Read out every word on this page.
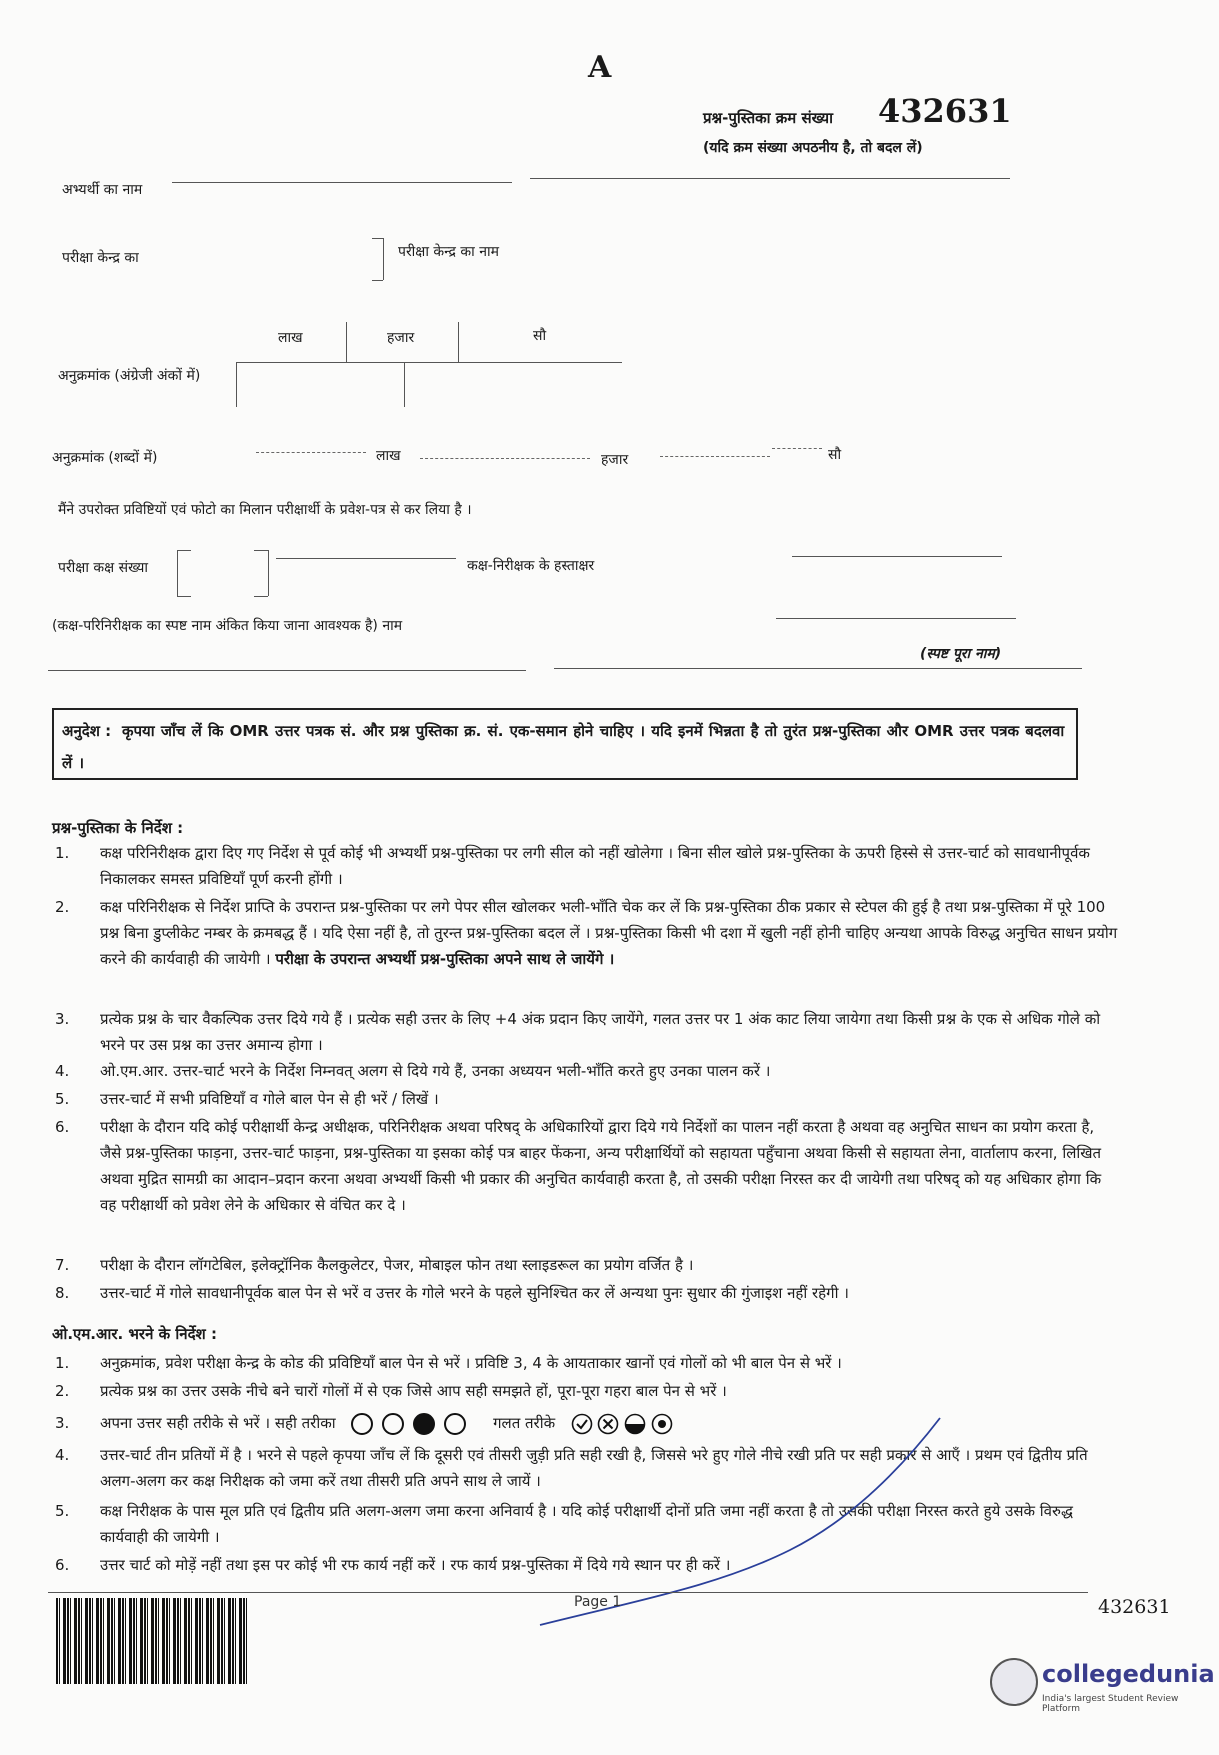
A
प्रश्न-पुस्तिका क्रम संख्या 432631
(यदि क्रम संख्या अपठनीय है, तो बदल लें)
अभ्यर्थी का नाम
परीक्षा केन्द्र का	परीक्षा केन्द्र का नाम
लाख	हजार	सौ
अनुक्रमांक (अंग्रेजी अंकों में)
अनुक्रमांक (शब्दों में)	लाख	हजार	सौ
मैंने उपरोक्त प्रविष्टियों एवं फोटो का मिलान परीक्षार्थी के प्रवेश-पत्र से कर लिया है ।
परीक्षा कक्ष संख्या	कक्ष-निरीक्षक के हस्ताक्षर
(कक्ष-परिनिरीक्षक का स्पष्ट नाम अंकित किया जाना आवश्यक है) नाम
(स्पष्ट पूरा नाम)
अनुदेश : कृपया जाँच लें कि OMR उत्तर पत्रक सं. और प्रश्न पुस्तिका क्र. सं. एक-समान होने चाहिए । यदि इनमें भिन्नता है तो तुरंत प्रश्न-पुस्तिका और OMR उत्तर पत्रक बदलवा लें ।
प्रश्न-पुस्तिका के निर्देश :
1. कक्ष परिनिरीक्षक द्वारा दिए गए निर्देश से पूर्व कोई भी अभ्यर्थी प्रश्न-पुस्तिका पर लगी सील को नहीं खोलेगा । बिना सील खोले प्रश्न-पुस्तिका के ऊपरी हिस्से से उत्तर-चार्ट को सावधानीपूर्वक निकालकर समस्त प्रविष्टियाँ पूर्ण करनी होंगी ।
2. कक्ष परिनिरीक्षक से निर्देश प्राप्ति के उपरान्त प्रश्न-पुस्तिका पर लगे पेपर सील खोलकर भली-भाँति चेक कर लें कि प्रश्न-पुस्तिका ठीक प्रकार से स्टेपल की हुई है तथा प्रश्न-पुस्तिका में पूरे 100 प्रश्न बिना डुप्लीकेट नम्बर के क्रमबद्ध हैं । यदि ऐसा नहीं है, तो तुरन्त प्रश्न-पुस्तिका बदल लें । प्रश्न-पुस्तिका किसी भी दशा में खुली नहीं होनी चाहिए अन्यथा आपके विरुद्ध अनुचित साधन प्रयोग करने की कार्यवाही की जायेगी । परीक्षा के उपरान्त अभ्यर्थी प्रश्न-पुस्तिका अपने साथ ले जायेंगे ।
3. प्रत्येक प्रश्न के चार वैकल्पिक उत्तर दिये गये हैं । प्रत्येक सही उत्तर के लिए +4 अंक प्रदान किए जायेंगे, गलत उत्तर पर 1 अंक काट लिया जायेगा तथा किसी प्रश्न के एक से अधिक गोले को भरने पर उस प्रश्न का उत्तर अमान्य होगा ।
4. ओ.एम.आर. उत्तर-चार्ट भरने के निर्देश निम्नवत् अलग से दिये गये हैं, उनका अध्ययन भली-भाँति करते हुए उनका पालन करें ।
5. उत्तर-चार्ट में सभी प्रविष्टियाँ व गोले बाल पेन से ही भरें / लिखें ।
6. परीक्षा के दौरान यदि कोई परीक्षार्थी केन्द्र अधीक्षक, परिनिरीक्षक अथवा परिषद् के अधिकारियों द्वारा दिये गये निर्देशों का पालन नहीं करता है अथवा वह अनुचित साधन का प्रयोग करता है, जैसे प्रश्न-पुस्तिका फाड़ना, उत्तर-चार्ट फाड़ना, प्रश्न-पुस्तिका या इसका कोई पत्र बाहर फेंकना, अन्य परीक्षार्थियों को सहायता पहुँचाना अथवा किसी से सहायता लेना, वार्तालाप करना, लिखित अथवा मुद्रित सामग्री का आदान–प्रदान करना अथवा अभ्यर्थी किसी भी प्रकार की अनुचित कार्यवाही करता है, तो उसकी परीक्षा निरस्त कर दी जायेगी तथा परिषद् को यह अधिकार होगा कि वह परीक्षार्थी को प्रवेश लेने के अधिकार से वंचित कर दे ।
7. परीक्षा के दौरान लॉगटेबिल, इलेक्ट्रॉनिक कैलकुलेटर, पेजर, मोबाइल फोन तथा स्लाइडरूल का प्रयोग वर्जित है ।
8. उत्तर-चार्ट में गोले सावधानीपूर्वक बाल पेन से भरें व उत्तर के गोले भरने के पहले सुनिश्चित कर लें अन्यथा पुनः सुधार की गुंजाइश नहीं रहेगी ।
ओ.एम.आर. भरने के निर्देश :
1. अनुक्रमांक, प्रवेश परीक्षा केन्द्र के कोड की प्रविष्टियाँ बाल पेन से भरें । प्रविष्टि 3, 4 के आयताकार खानों एवं गोलों को भी बाल पेन से भरें ।
2. प्रत्येक प्रश्न का उत्तर उसके नीचे बने चारों गोलों में से एक जिसे आप सही समझते हों, पूरा-पूरा गहरा बाल पेन से भरें ।
3. अपना उत्तर सही तरीके से भरें । सही तरीका	गलत तरीके
4. उत्तर-चार्ट तीन प्रतियों में है । भरने से पहले कृपया जाँच लें कि दूसरी एवं तीसरी जुड़ी प्रति सही रखी है, जिससे भरे हुए गोले नीचे रखी प्रति पर सही प्रकार से आएँ । प्रथम एवं द्वितीय प्रति अलग-अलग कर कक्ष निरीक्षक को जमा करें तथा तीसरी प्रति अपने साथ ले जायें ।
5. कक्ष निरीक्षक के पास मूल प्रति एवं द्वितीय प्रति अलग-अलग जमा करना अनिवार्य है । यदि कोई परीक्षार्थी दोनों प्रति जमा नहीं करता है तो उसकी परीक्षा निरस्त करते हुये उसके विरुद्ध कार्यवाही की जायेगी ।
6. उत्तर चार्ट को मोड़ें नहीं तथा इस पर कोई भी रफ कार्य नहीं करें । रफ कार्य प्रश्न-पुस्तिका में दिये गये स्थान पर ही करें ।
Page 1	432631
collegedunia
India's largest Student Review Platform
